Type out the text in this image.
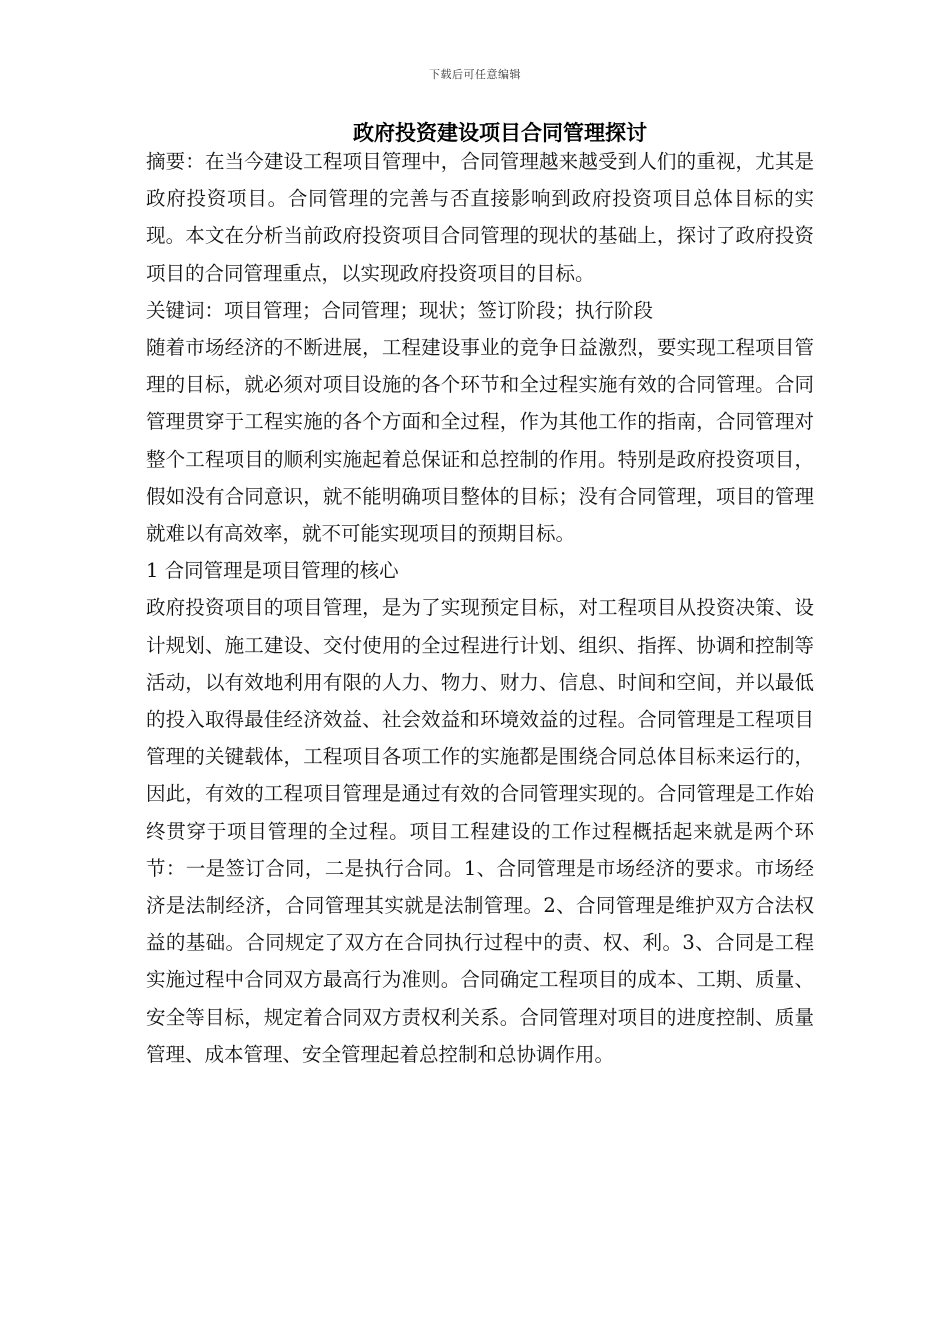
下载后可任意编辑
政府投资建设项目合同管理探讨

摘要：在当今建设工程项目管理中，合同管理越来越受到人们的重视，尤其是政府投资项目。合同管理的完善与否直接影响到政府投资项目总体目标的实现。本文在分析当前政府投资项目合同管理的现状的基础上，探讨了政府投资项目的合同管理重点，以实现政府投资项目的目标。

关键词：项目管理；合同管理；现状；签订阶段；执行阶段

随着市场经济的不断进展，工程建设事业的竞争日益激烈，要实现工程项目管理的目标，就必须对项目设施的各个环节和全过程实施有效的合同管理。合同管理贯穿于工程实施的各个方面和全过程，作为其他工作的指南，合同管理对整个工程项目的顺利实施起着总保证和总控制的作用。特别是政府投资项目，假如没有合同意识，就不能明确项目整体的目标；没有合同管理，项目的管理就难以有高效率，就不可能实现项目的预期目标。

1 合同管理是项目管理的核心

政府投资项目的项目管理，是为了实现预定目标，对工程项目从投资决策、设计规划、施工建设、交付使用的全过程进行计划、组织、指挥、协调和控制等活动，以有效地利用有限的人力、物力、财力、信息、时间和空间，并以最低的投入取得最佳经济效益、社会效益和环境效益的过程。合同管理是工程项目管理的关键载体，工程项目各项工作的实施都是围绕合同总体目标来运行的，因此，有效的工程项目管理是通过有效的合同管理实现的。合同管理是工作始终贯穿于项目管理的全过程。项目工程建设的工作过程概括起来就是两个环节：一是签订合同，二是执行合同。1、合同管理是市场经济的要求。市场经济是法制经济，合同管理其实就是法制管理。2、合同管理是维护双方合法权益的基础。合同规定了双方在合同执行过程中的责、权、利。3、合同是工程实施过程中合同双方最高行为准则。合同确定工程项目的成本、工期、质量、安全等目标，规定着合同双方责权利关系。合同管理对项目的进度控制、质量管理、成本管理、安全管理起着总控制和总协调作用。
